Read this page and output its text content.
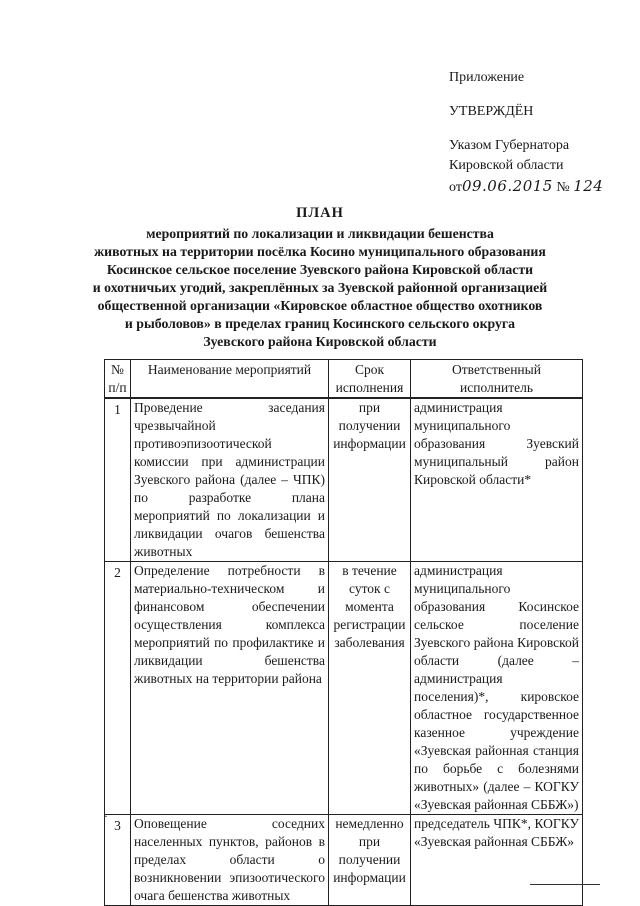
Приложение
УТВЕРЖДЁН
Указом Губернатора
Кировской области
от09.06.2015 № 124
ПЛАН
мероприятий по локализации и ликвидации бешенства
животных на территории посёлка Косино муниципального образования
Косинское сельское поселение Зуевского района Кировской области
и охотничьих угодий, закреплённых за Зуевской районной организацией
общественной организации «Кировское областное общество охотников
и рыболовов» в пределах границ Косинского сельского округа
Зуевского района Кировской области
№ п/п	Наименование мероприятий	Срок исполнения	Ответственный исполнитель
1	Проведение заседания чрезвычайной противоэпизоотической комиссии при администрации Зуевского района (далее – ЧПК) по разработке плана мероприятий по локализации и ликвидации очагов бешенства животных	при получении информации	администрация муниципального образования Зуевский муниципальный район Кировской области*
2	Определение потребности в материально-техническом и финансовом обеспечении осуществления комплекса мероприятий по профилактике и ликвидации бешенства животных на территории района	в течение суток с момента регистрации заболевания	администрация муниципального образования Косинское сельское поселение Зуевского района Кировской области (далее – администрация поселения)*, кировское областное государственное казенное учреждение «Зуевская районная станция по борьбе с болезнями животных» (далее – КОГКУ «Зуевская районная СББЖ»)
3	Оповещение соседних населенных пунктов, районов в пределах области о возникновении эпизоотического очага бешенства животных	немедленно при получении информации	председатель ЧПК*, КОГКУ «Зуевская районная СББЖ»
·
